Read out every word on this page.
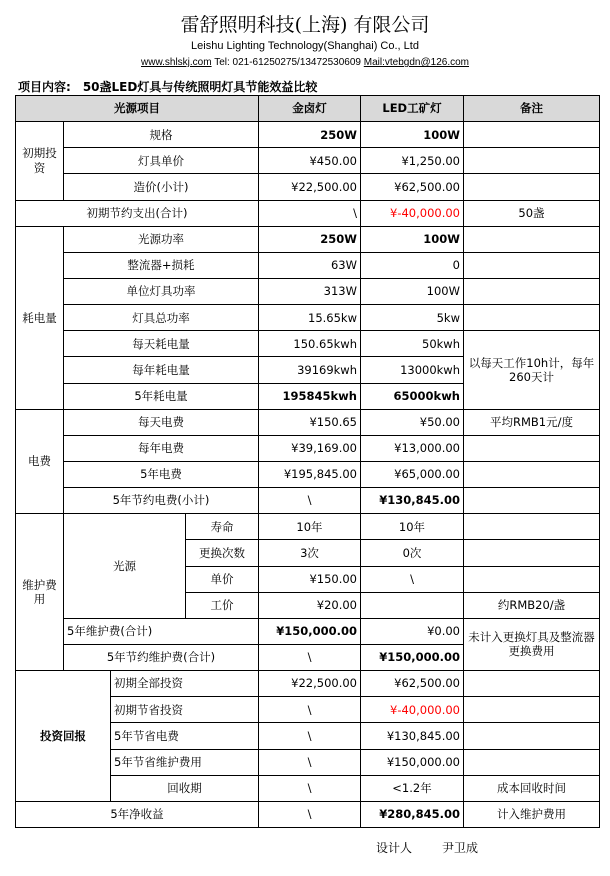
雷舒照明科技(上海) 有限公司
Leishu Lighting Technology(Shanghai) Co., Ltd
www.shlskj.com Tel: 021-61250275/13472530609 Mail:vtebgdn@126.com
项目内容: 50盏LED灯具与传统照明灯具节能效益比较
光源项目				金卤灯	LED工矿灯	备注
初期投资	规格			250W	100W	
	灯具单价			¥450.00	¥1,250.00	
	造价(小计)			¥22,500.00	¥62,500.00	
初期节约支出(合计)				\	¥-40,000.00	50盏
耗电量	光源功率			250W	100W	
	整流器+损耗			63W	0	
	单位灯具功率			313W	100W	
	灯具总功率			15.65kw	5kw	
	每天耗电量			150.65kwh	50kwh	以每天工作10h计，每年260天计
	每年耗电量			39169kwh	13000kwh	
	5年耗电量			195845kwh	65000kwh	
电费	每天电费			¥150.65	¥50.00	平均RMB1元/度
	每年电费			¥39,169.00	¥13,000.00	
	5年电费			¥195,845.00	¥65,000.00	
	5年节约电费(小计)			\	¥130,845.00	
维护费用	光源		寿命	10年	10年	
			更换次数	3次	0次	
			单价	¥150.00	\	
			工价	¥20.00		约RMB20/盏
	5年维护费(合计)			¥150,000.00	¥0.00	未计入更换灯具及整流器更换费用
	5年节约维护费(合计)			\	¥150,000.00	
投资回报		初期全部投资		¥22,500.00	¥62,500.00	
		初期节省投资		\	¥-40,000.00	
		5年节省电费		\	¥130,845.00	
		5年节省维护费用		\	¥150,000.00	
		回收期		\	<1.2年	成本回收时间
5年净收益				\	¥280,845.00	计入维护费用
设计人	尹卫成
